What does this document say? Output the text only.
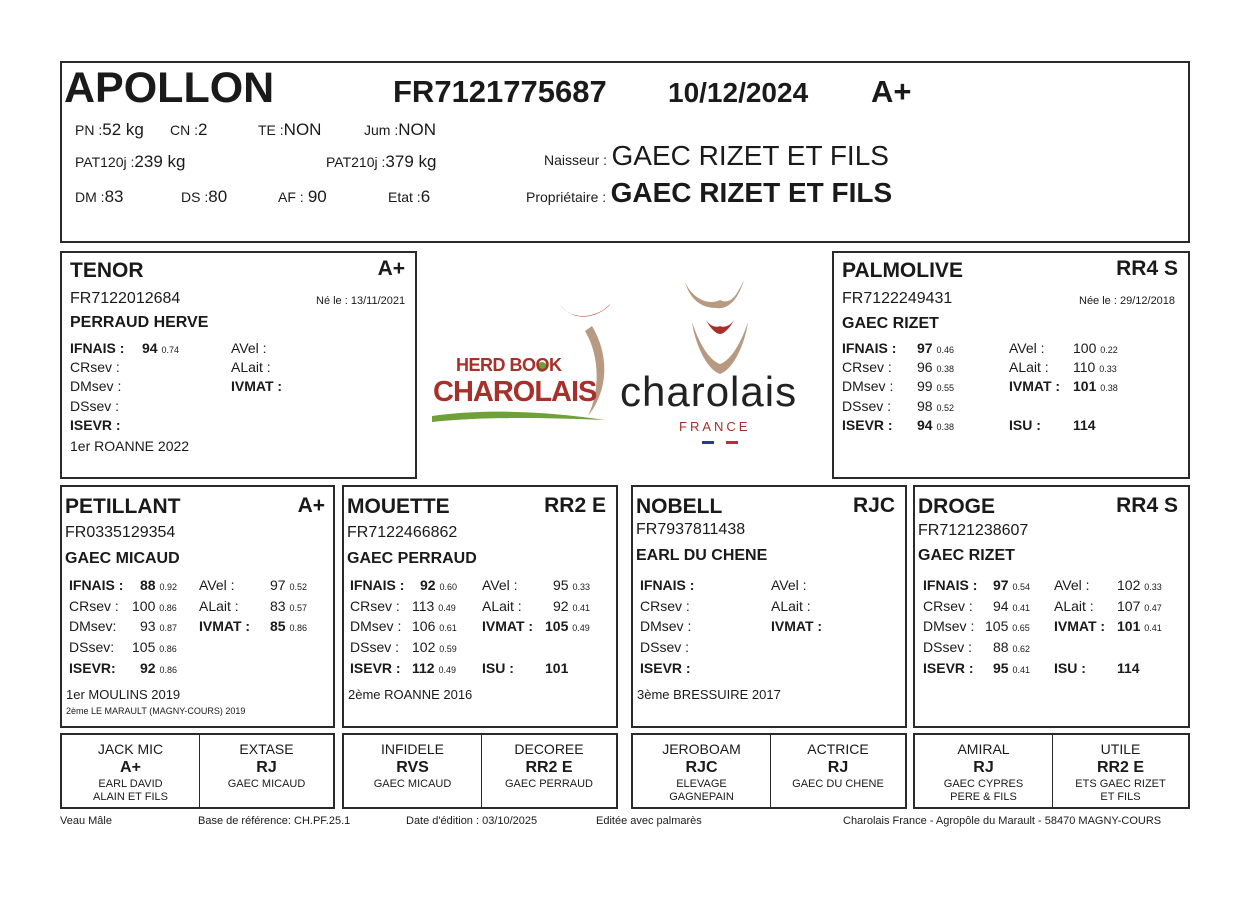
APOLLON	FR7121775687 10/12/2024 A+
PN :52 kg CN :2	TE :NON	Jum :NON
PAT120j :239 kg	PAT210j :379 kg
DM :83	DS :80	AF : 90	Etat :6
Naisseur : GAEC RIZET ET FILS
Propriétaire : GAEC RIZET ET FILS
TENOR	A+
FR7122012684	Né le : 13/11/2021
PERRAUD HERVE
IFNAIS : 94 0.74
CRsev :
DMsev :
DSsev :
ISEVR :
AVel :
ALait :
IVMAT :
1er ROANNE 2022
HERD BOOK
CHAROLAIS charolais
FRANCE
PALMOLIVE	RR4 S
FR7122249431	Née le : 29/12/2018
GAEC RIZET
IFNAIS : 97 0.46
CRsev : 96 0.38
DMsev : 99 0.55
DSsev : 98 0.52
ISEVR : 94 0.38
AVel : 100 0.22
ALait : 110 0.33
IVMAT : 101 0.38
ISU : 114
PETILLANT	A+
FR0335129354
GAEC MICAUD
IFNAIS : 88 0.92
CRsev : 100 0.86
DMsev: 93 0.87
DSsev: 105 0.86
ISEVR: 92 0.86
AVel :	97 0.52
ALait : 83 0.57
IVMAT : 85 0.86
1er MOULINS 2019
2ème LE MARAULT (MAGNY-COURS) 2019
MOUETTE	RR2 E
FR7122466862
GAEC PERRAUD
IFNAIS : 92 0.60
CRsev : 113 0.49
DMsev : 106 0.61
DSsev : 102 0.59
ISEVR : 112 0.49
AVel :	95 0.33
ALait : 92 0.41
IVMAT : 105 0.49
ISU : 101
2ème ROANNE 2016
NOBELL	RJC
FR7937811438
EARL DU CHENE
IFNAIS :
CRsev :
DMsev :
DSsev :
ISEVR :
AVel :
ALait :
IVMAT :
3ème BRESSUIRE 2017
DROGE	RR4 S
FR7121238607
GAEC RIZET
IFNAIS : 97 0.54
CRsev : 94 0.41
DMsev : 105 0.65
DSsev : 88 0.62
ISEVR : 95 0.41
AVel : 102 0.33
ALait : 107 0.47
IVMAT : 101 0.41
ISU : 114
JACK MIC
A+
EARL DAVID
ALAIN ET FILS
EXTASE
RJ
GAEC MICAUD
INFIDELE
RVS
GAEC MICAUD
DECOREE
RR2 E
GAEC PERRAUD
JEROBOAM
RJC
ELEVAGE
GAGNEPAIN
ACTRICE
RJ
GAEC DU CHENE
AMIRAL
RJ
GAEC CYPRES
PERE & FILS
UTILE
RR2 E
ETS GAEC RIZET
ET FILS
Veau Mâle	Base de référence: CH.PF.25.1	Date d'édition : 03/10/2025	Editée avec palmarès	Charolais France - Agropôle du Marault - 58470 MAGNY-COURS
